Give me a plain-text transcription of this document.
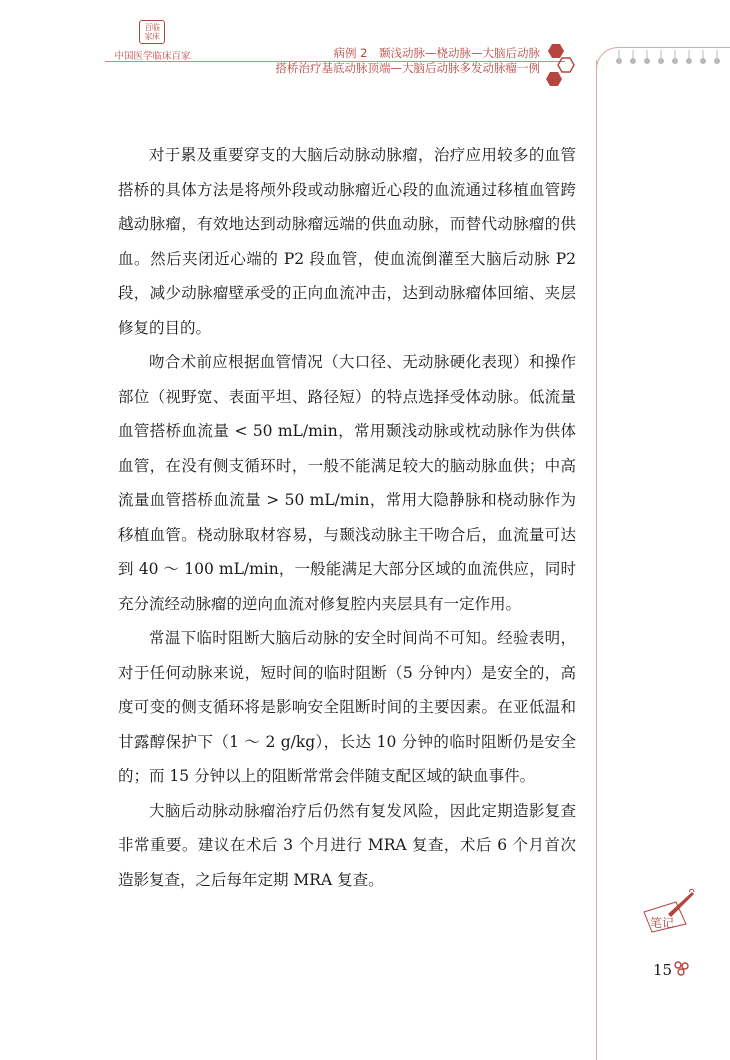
百临
家床
中国医学临床百家	病例 2　颞浅动脉—桡动脉—大脑后动脉
搭桥治疗基底动脉顶端—大脑后动脉多发动脉瘤一例

对于累及重要穿支的大脑后动脉动脉瘤，治疗应用较多的血管搭桥的具体方法是将颅外段或动脉瘤近心段的血流通过移植血管跨越动脉瘤，有效地达到动脉瘤远端的供血动脉，而替代动脉瘤的供血。然后夹闭近心端的 P2 段血管，使血流倒灌至大脑后动脉 P2 段，减少动脉瘤壁承受的正向血流冲击，达到动脉瘤体回缩、夹层修复的目的。

吻合术前应根据血管情况（大口径、无动脉硬化表现）和操作部位（视野宽、表面平坦、路径短）的特点选择受体动脉。低流量血管搭桥血流量 < 50 mL/min，常用颞浅动脉或枕动脉作为供体血管，在没有侧支循环时，一般不能满足较大的脑动脉血供；中高流量血管搭桥血流量 > 50 mL/min，常用大隐静脉和桡动脉作为移植血管。桡动脉取材容易，与颞浅动脉主干吻合后，血流量可达到 40 ～ 100 mL/min，一般能满足大部分区域的血流供应，同时充分流经动脉瘤的逆向血流对修复腔内夹层具有一定作用。

常温下临时阻断大脑后动脉的安全时间尚不可知。经验表明，对于任何动脉来说，短时间的临时阻断（5 分钟内）是安全的，高度可变的侧支循环将是影响安全阻断时间的主要因素。在亚低温和甘露醇保护下（1 ～ 2 g/kg），长达 10 分钟的临时阻断仍是安全的；而 15 分钟以上的阻断常常会伴随支配区域的缺血事件。

大脑后动脉动脉瘤治疗后仍然有复发风险，因此定期造影复查非常重要。建议在术后 3 个月进行 MRA 复查，术后 6 个月首次造影复查，之后每年定期 MRA 复查。

笔记
15
